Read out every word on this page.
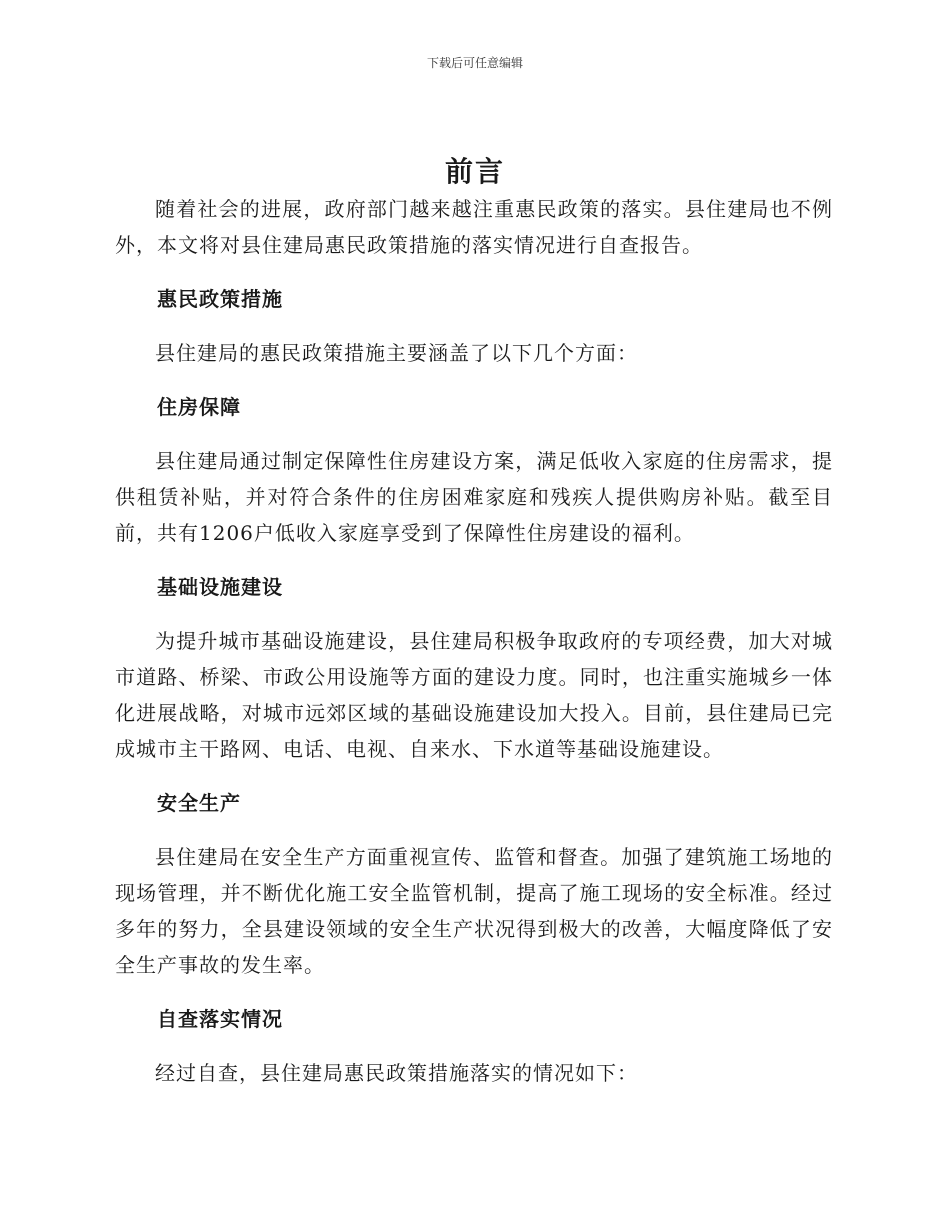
下载后可任意编辑
前言

随着社会的进展，政府部门越来越注重惠民政策的落实。县住建局也不例外，本文将对县住建局惠民政策措施的落实情况进行自查报告。

惠民政策措施

县住建局的惠民政策措施主要涵盖了以下几个方面：

住房保障

县住建局通过制定保障性住房建设方案，满足低收入家庭的住房需求，提供租赁补贴，并对符合条件的住房困难家庭和残疾人提供购房补贴。截至目前，共有1206户低收入家庭享受到了保障性住房建设的福利。

基础设施建设

为提升城市基础设施建设，县住建局积极争取政府的专项经费，加大对城市道路、桥梁、市政公用设施等方面的建设力度。同时，也注重实施城乡一体化进展战略，对城市远郊区域的基础设施建设加大投入。目前，县住建局已完成城市主干路网、电话、电视、自来水、下水道等基础设施建设。

安全生产

县住建局在安全生产方面重视宣传、监管和督查。加强了建筑施工场地的现场管理，并不断优化施工安全监管机制，提高了施工现场的安全标准。经过多年的努力，全县建设领域的安全生产状况得到极大的改善，大幅度降低了安全生产事故的发生率。

自查落实情况

经过自查，县住建局惠民政策措施落实的情况如下：
